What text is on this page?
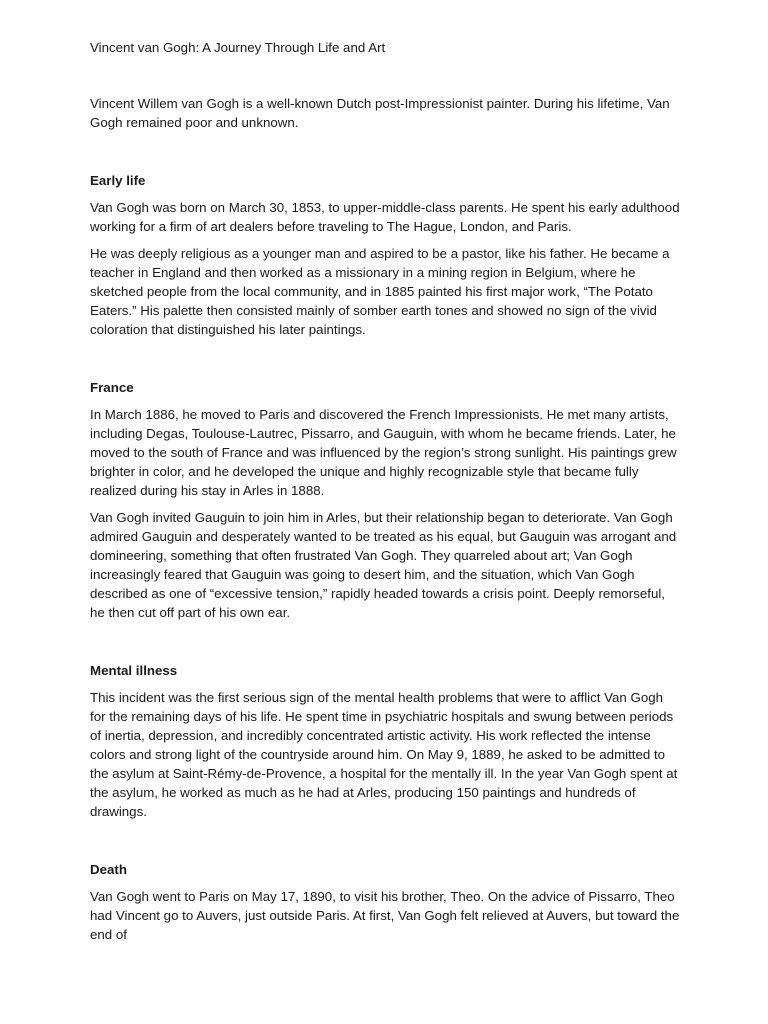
Vincent van Gogh: A Journey Through Life and Art

Vincent Willem van Gogh is a well-known Dutch post-Impressionist painter. During his lifetime, Van Gogh remained poor and unknown.

Early life

Van Gogh was born on March 30, 1853, to upper-middle-class parents. He spent his early adulthood working for a firm of art dealers before traveling to The Hague, London, and Paris.

He was deeply religious as a younger man and aspired to be a pastor, like his father. He became a teacher in England and then worked as a missionary in a mining region in Belgium, where he sketched people from the local community, and in 1885 painted his first major work, “The Potato Eaters.” His palette then consisted mainly of somber earth tones and showed no sign of the vivid coloration that distinguished his later paintings.

France

In March 1886, he moved to Paris and discovered the French Impressionists. He met many artists, including Degas, Toulouse-Lautrec, Pissarro, and Gauguin, with whom he became friends. Later, he moved to the south of France and was influenced by the region’s strong sunlight. His paintings grew brighter in color, and he developed the unique and highly recognizable style that became fully realized during his stay in Arles in 1888.

Van Gogh invited Gauguin to join him in Arles, but their relationship began to deteriorate. Van Gogh admired Gauguin and desperately wanted to be treated as his equal, but Gauguin was arrogant and domineering, something that often frustrated Van Gogh. They quarreled about art; Van Gogh increasingly feared that Gauguin was going to desert him, and the situation, which Van Gogh described as one of “excessive tension,” rapidly headed towards a crisis point. Deeply remorseful, he then cut off part of his own ear.

Mental illness

This incident was the first serious sign of the mental health problems that were to afflict Van Gogh for the remaining days of his life. He spent time in psychiatric hospitals and swung between periods of inertia, depression, and incredibly concentrated artistic activity. His work reflected the intense colors and strong light of the countryside around him. On May 9, 1889, he asked to be admitted to the asylum at Saint-Rémy-de-Provence, a hospital for the mentally ill. In the year Van Gogh spent at the asylum, he worked as much as he had at Arles, producing 150 paintings and hundreds of drawings.

Death

Van Gogh went to Paris on May 17, 1890, to visit his brother, Theo. On the advice of Pissarro, Theo had Vincent go to Auvers, just outside Paris. At first, Van Gogh felt relieved at Auvers, but toward the end of
